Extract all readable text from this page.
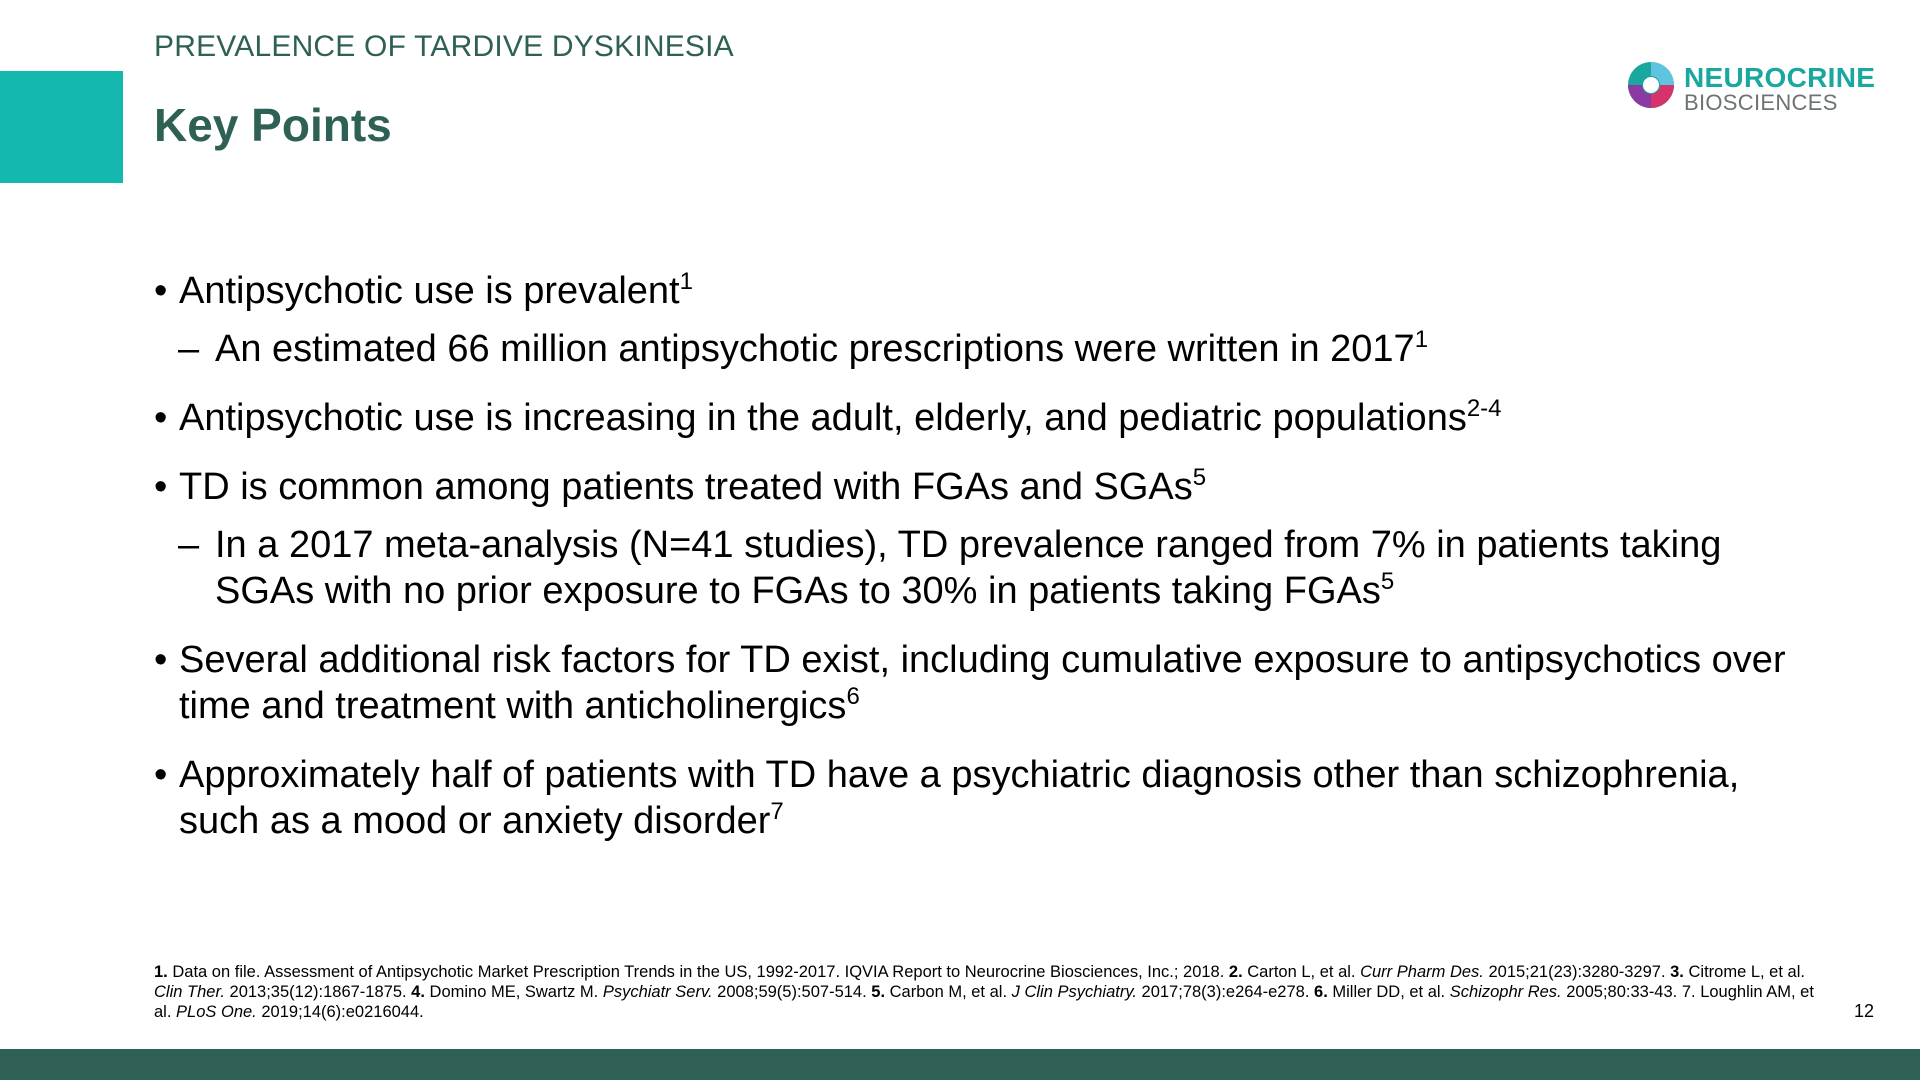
PREVALENCE OF TARDIVE DYSKINESIA
Key Points
NEUROCRINE
BIOSCIENCES
• Antipsychotic use is prevalent$^1$
– An estimated 66 million antipsychotic prescriptions were written in 2017$^1$
• Antipsychotic use is increasing in the adult, elderly, and pediatric populations$^{2-4}$
• TD is common among patients treated with FGAs and SGAs$^5$
– In a 2017 meta-analysis (N=41 studies), TD prevalence ranged from 7% in patients taking SGAs with no prior exposure to FGAs to 30% in patients taking FGAs$^5$
• Several additional risk factors for TD exist, including cumulative exposure to antipsychotics over time and treatment with anticholinergics$^6$
• Approximately half of patients with TD have a psychiatric diagnosis other than schizophrenia, such as a mood or anxiety disorder$^7$
1. Data on file. Assessment of Antipsychotic Market Prescription Trends in the US, 1992-2017. IQVIA Report to Neurocrine Biosciences, Inc.; 2018. 2. Carton L, et al. Curr Pharm Des. 2015;21(23):3280-3297. 3. Citrome L, et al. Clin Ther. 2013;35(12):1867-1875. 4. Domino ME, Swartz M. Psychiatr Serv. 2008;59(5):507-514. 5. Carbon M, et al. J Clin Psychiatry. 2017;78(3):e264-e278. 6. Miller DD, et al. Schizophr Res. 2005;80:33-43. 7. Loughlin AM, et al. PLoS One. 2019;14(6):e0216044.	12
